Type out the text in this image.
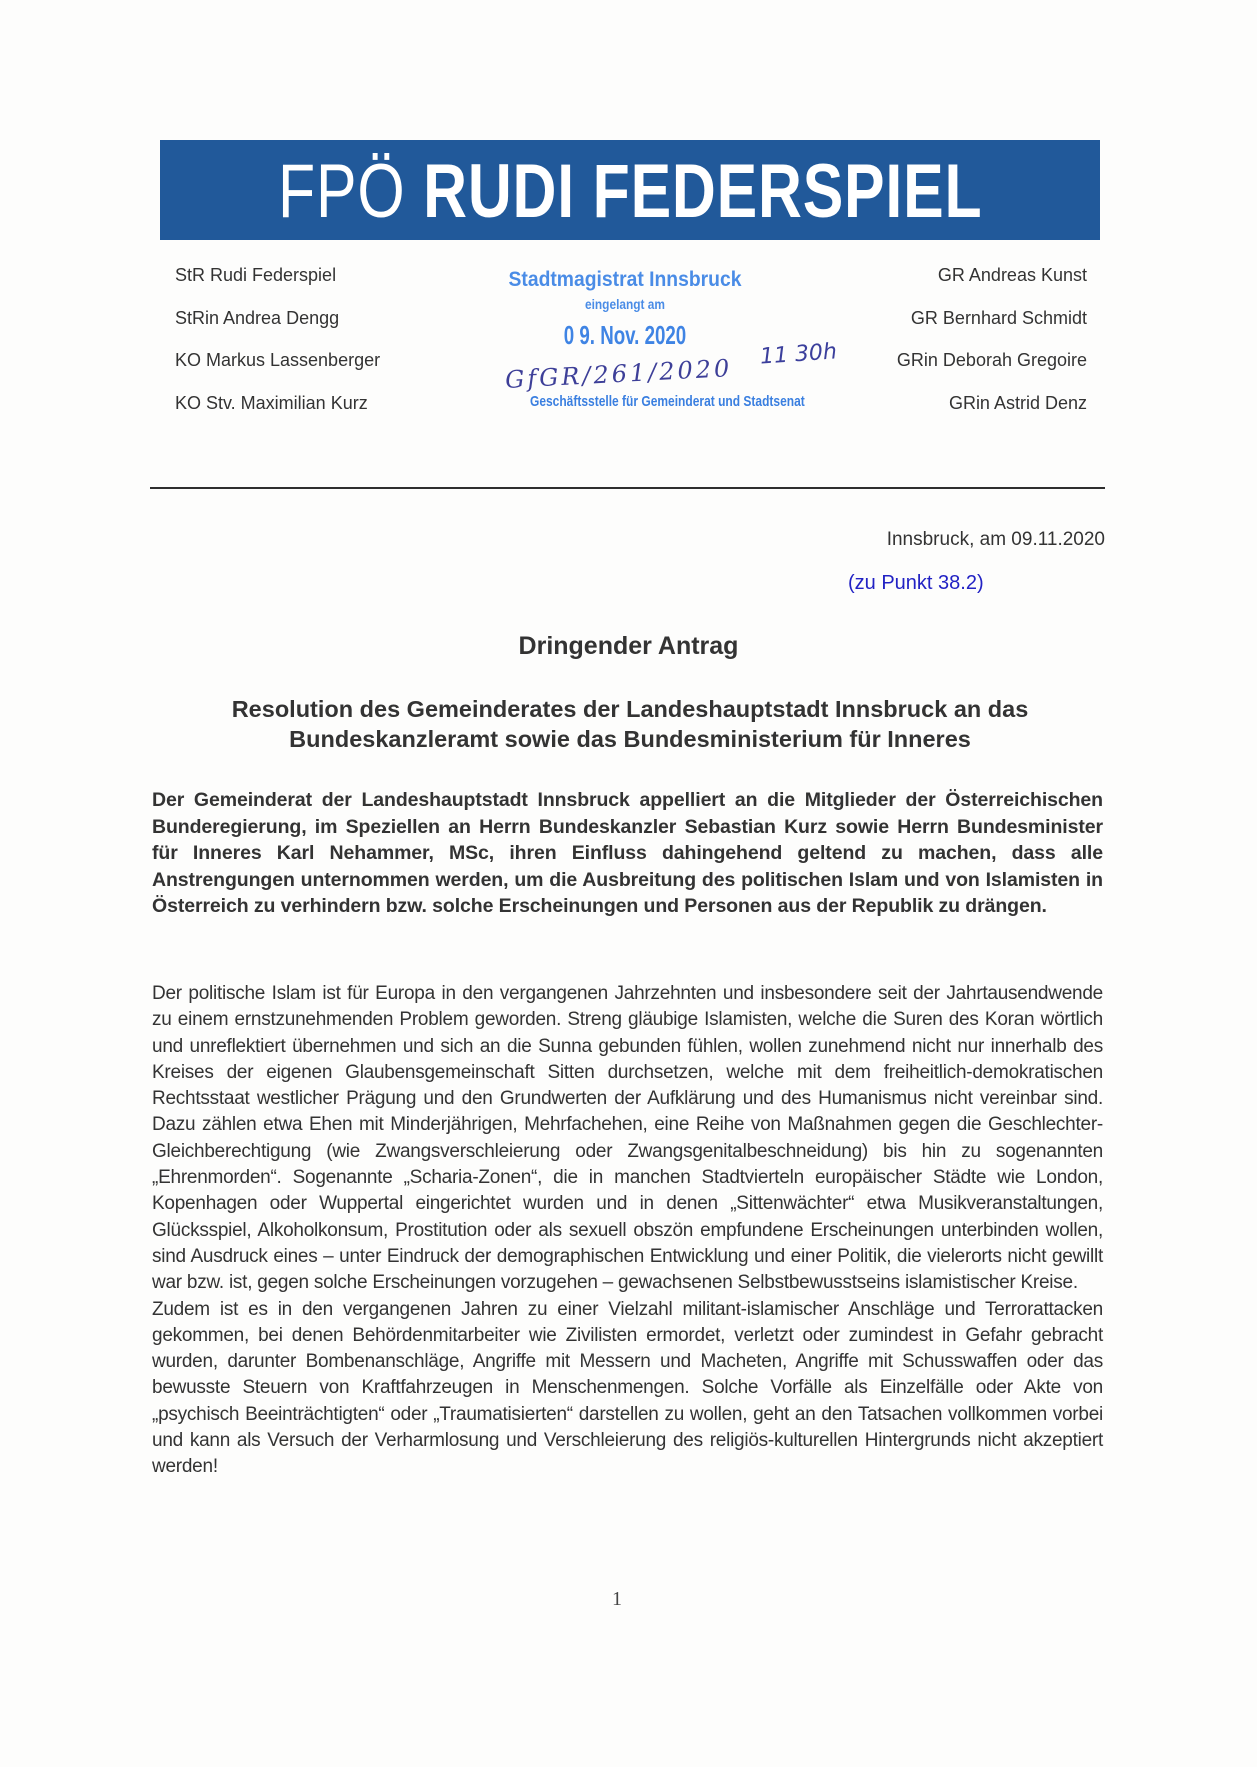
FPÖ RUDI FEDERSPIEL
StR Rudi Federspiel
StRin Andrea Dengg
KO Markus Lassenberger
KO Stv. Maximilian Kurz
GR Andreas Kunst
GR Bernhard Schmidt
GRin Deborah Gregoire
GRin Astrid Denz
Stadtmagistrat Innsbruck
eingelangt am
0 9. Nov. 2020
11 30h
GfGR/261/2020
Geschäftsstelle für Gemeinderat und Stadtsenat
Innsbruck, am 09.11.2020
(zu Punkt 38.2)
Dringender Antrag
Resolution des Gemeinderates der Landeshauptstadt Innsbruck an das
Bundeskanzleramt sowie das Bundesministerium für Inneres
Der Gemeinderat der Landeshauptstadt Innsbruck appelliert an die Mitglieder der Österreichischen Bunderegierung, im Speziellen an Herrn Bundeskanzler Sebastian Kurz sowie Herrn Bundesminister für Inneres Karl Nehammer, MSc, ihren Einfluss dahingehend geltend zu machen, dass alle Anstrengungen unternommen werden, um die Ausbreitung des politischen Islam und von Islamisten in Österreich zu verhindern bzw. solche Erscheinungen und Personen aus der Republik zu drängen.

Der politische Islam ist für Europa in den vergangenen Jahrzehnten und insbesondere seit der Jahrtausendwende zu einem ernstzunehmenden Problem geworden. Streng gläubige Islamisten, welche die Suren des Koran wörtlich und unreflektiert übernehmen und sich an die Sunna gebunden fühlen, wollen zunehmend nicht nur innerhalb des Kreises der eigenen Glaubensgemeinschaft Sitten durchsetzen, welche mit dem freiheitlich-demokratischen Rechtsstaat westlicher Prägung und den Grundwerten der Aufklärung und des Humanismus nicht vereinbar sind. Dazu zählen etwa Ehen mit Minderjährigen, Mehrfachehen, eine Reihe von Maßnahmen gegen die Geschlechter-Gleichberechtigung (wie Zwangsverschleierung oder Zwangsgenitalbeschneidung) bis hin zu sogenannten „Ehrenmorden“. Sogenannte „Scharia-Zonen“, die in manchen Stadtvierteln europäischer Städte wie London, Kopenhagen oder Wuppertal eingerichtet wurden und in denen „Sittenwächter“ etwa Musikveranstaltungen, Glücksspiel, Alkoholkonsum, Prostitution oder als sexuell obszön empfundene Erscheinungen unterbinden wollen, sind Ausdruck eines – unter Eindruck der demographischen Entwicklung und einer Politik, die vielerorts nicht gewillt war bzw. ist, gegen solche Erscheinungen vorzugehen – gewachsenen Selbstbewusstseins islamistischer Kreise.

Zudem ist es in den vergangenen Jahren zu einer Vielzahl militant-islamischer Anschläge und Terrorattacken gekommen, bei denen Behördenmitarbeiter wie Zivilisten ermordet, verletzt oder zumindest in Gefahr gebracht wurden, darunter Bombenanschläge, Angriffe mit Messern und Macheten, Angriffe mit Schusswaffen oder das bewusste Steuern von Kraftfahrzeugen in Menschenmengen. Solche Vorfälle als Einzelfälle oder Akte von „psychisch Beeinträchtigten“ oder „Traumatisierten“ darstellen zu wollen, geht an den Tatsachen vollkommen vorbei und kann als Versuch der Verharmlosung und Verschleierung des religiös-kulturellen Hintergrunds nicht akzeptiert werden!

1
